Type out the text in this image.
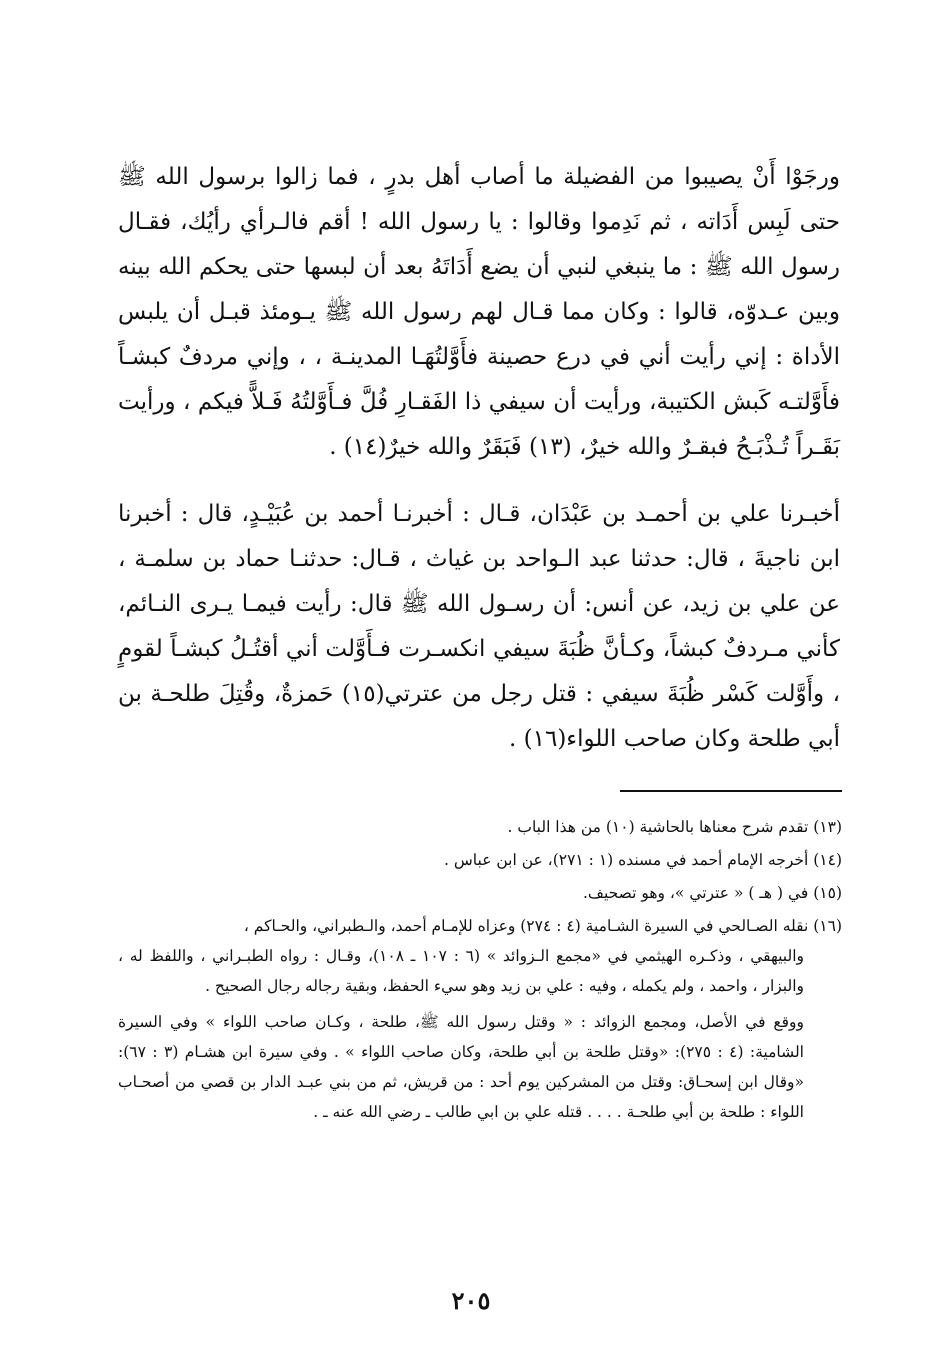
ورجَوْا أَنْ يصيبوا من الفضيلة ما أصاب أهل بدرٍ ، فما زالوا برسول الله ﷺ حتى لَبِس أَدَاته ، ثم نَدِموا وقالوا : يا رسول الله ! أقم فالـرأي رأيُك، فقـال رسول الله ﷺ : ما ينبغي لنبي أن يضع أَدَاتَهُ بعد أن لبسها حتى يحكم الله بينه وبين عـدوّه، قالوا : وكان مما قـال لهم رسول الله ﷺ يـومئذ قبـل أن يلبس الأداة : إني رأيت أني في درع حصينة فأَوَّلتُهَـا المدينـة ، ، وإني مردفٌ كبشـاً فأَوَّلتـه كَبش الكتيبة، ورأيت أن سيفي ذا الفَقـارِ فُلَّ فـأَوَّلتُهُ فَـلاًّ فيكم ، ورأيت بَقَـراً تُـذْبَـحُ فبقـرٌ والله خيرٌ، (١٣) فَبَقَرٌ والله خيرٌ(١٤) .

أخبـرنا علي بن أحمـد بن عَبْدَان، قـال : أخبرنـا أحمد بن عُبَيْـدٍ، قال : أخبرنا ابن ناجيةَ ، قال: حدثنا عبد الـواحد بن غياث ، قـال: حدثنـا حماد بن سلمـة ، عن علي بن زيد، عن أنس: أن رسـول الله ﷺ قال: رأيت فيمـا يـرى النـائم، كأني مـردفٌ كبشاً، وكـأنَّ ظُبَةَ سيفي انكسـرت فـأَوَّلت أني أقتُـلُ كبشـاً لقومٍ ، وأَوَّلت كَسْر ظُبَةَ سيفي : قتل رجل من عترتي(١٥) حَمزةٌ، وقُتِلَ طلحـة بن أبي طلحة وكان صاحب اللواء(١٦) .

(١٣) تقدم شرح معناها بالحاشية (١٠) من هذا الباب .

(١٤) أخرجه الإمام أحمد في مسنده (١ : ٢٧١)، عن ابن عباس .

(١٥) في ( هـ ) « عترتي »، وهو تصحيف.

(١٦) نقله الصـالحي في السيرة الشـامية (٤ : ٢٧٤) وعزاه للإمـام أحمد، والـطبراني، والحـاكم ،
والبيهقي ، وذكـره الهيثمي في «مجمع الـزوائد » (٦ : ١٠٧ ـ ١٠٨)، وقـال : رواه الطبـراني ، واللفظ له ، والبزار ، واحمد ، ولم يكمله ، وفيه : علي بن زيد وهو سيء الحفظ، وبقية رجاله رجال الصحيح .

ووقع في الأصل، ومجمع الزوائد : « وقتل رسول الله ﷺ، طلحة ، وكـان صاحب اللواء » وفي السيرة الشامية: (٤ : ٢٧٥): «وقتل طلحة بن أبي طلحة، وكان صاحب اللواء » . وفي سيرة ابن هشـام (٣ : ٦٧): «وقال ابن إسحـاق: وقتل من المشركين يوم أحد : من قريش، ثم من بني عبـد الدار بن قصي من أصحـاب اللواء : طلحة بن أبي طلحـة . . . . قتله علي بن ابي طالب ـ رضي الله عنه ـ .

٢٠٥
